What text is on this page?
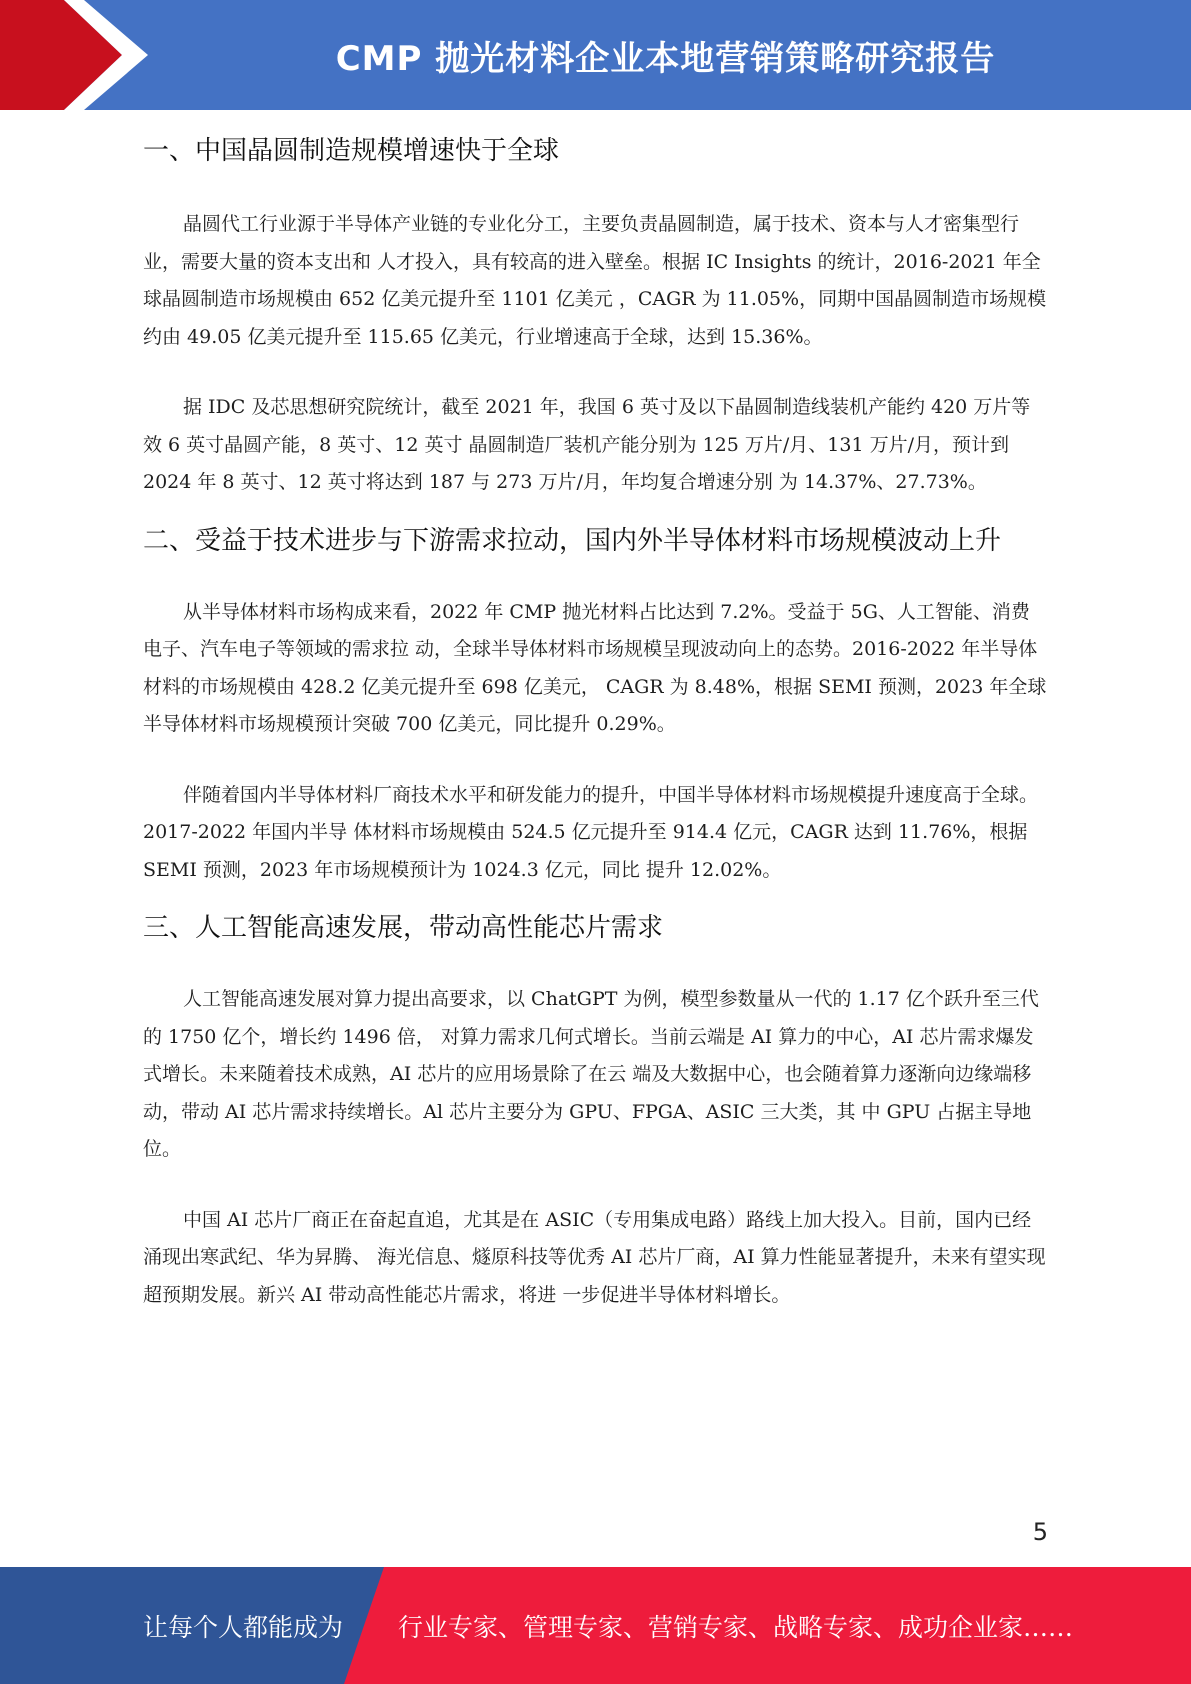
CMP 抛光材料企业本地营销策略研究报告
一、中国晶圆制造规模增速快于全球

晶圆代工行业源于半导体产业链的专业化分工，主要负责晶圆制造，属于技术、资本与人才密集型行业，需要大量的资本支出和 人才投入，具有较高的进入壁垒。根据 IC Insights 的统计，2016-2021 年全球晶圆制造市场规模由 652 亿美元提升至 1101 亿美元 ，CAGR 为 11.05%，同期中国晶圆制造市场规模约由 49.05 亿美元提升至 115.65 亿美元，行业增速高于全球，达到 15.36%。

据 IDC 及芯思想研究院统计，截至 2021 年，我国 6 英寸及以下晶圆制造线装机产能约 420 万片等效 6 英寸晶圆产能，8 英寸、12 英寸 晶圆制造厂装机产能分别为 125 万片/月、131 万片/月，预计到 2024 年 8 英寸、12 英寸将达到 187 与 273 万片/月，年均复合增速分别 为 14.37%、27.73%。

二、受益于技术进步与下游需求拉动，国内外半导体材料市场规模波动上升

从半导体材料市场构成来看，2022 年 CMP 抛光材料占比达到 7.2%。受益于 5G、人工智能、消费电子、汽车电子等领域的需求拉 动，全球半导体材料市场规模呈现波动向上的态势。2016-2022 年半导体材料的市场规模由 428.2 亿美元提升至 698 亿美元， CAGR 为 8.48%，根据 SEMI 预测，2023 年全球半导体材料市场规模预计突破 700 亿美元，同比提升 0.29%。

伴随着国内半导体材料厂商技术水平和研发能力的提升，中国半导体材料市场规模提升速度高于全球。2017-2022 年国内半导 体材料市场规模由 524.5 亿元提升至 914.4 亿元，CAGR 达到 11.76%，根据 SEMI 预测，2023 年市场规模预计为 1024.3 亿元，同比 提升 12.02%。

三、人工智能高速发展，带动高性能芯片需求

人工智能高速发展对算力提出高要求，以 ChatGPT 为例，模型参数量从一代的 1.17 亿个跃升至三代的 1750 亿个，增长约 1496 倍， 对算力需求几何式增长。当前云端是 AI 算力的中心，AI 芯片需求爆发式增长。未来随着技术成熟，AI 芯片的应用场景除了在云 端及大数据中心，也会随着算力逐渐向边缘端移动，带动 AI 芯片需求持续增长。Al 芯片主要分为 GPU、FPGA、ASIC 三大类，其 中 GPU 占据主导地位。

中国 AI 芯片厂商正在奋起直追，尤其是在 ASIC（专用集成电路）路线上加大投入。目前，国内已经涌现出寒武纪、华为昇腾、 海光信息、燧原科技等优秀 AI 芯片厂商，AI 算力性能显著提升，未来有望实现超预期发展。新兴 AI 带动高性能芯片需求，将进 一步促进半导体材料增长。

5
让每个人都能成为 行业专家、管理专家、营销专家、战略专家、成功企业家……
